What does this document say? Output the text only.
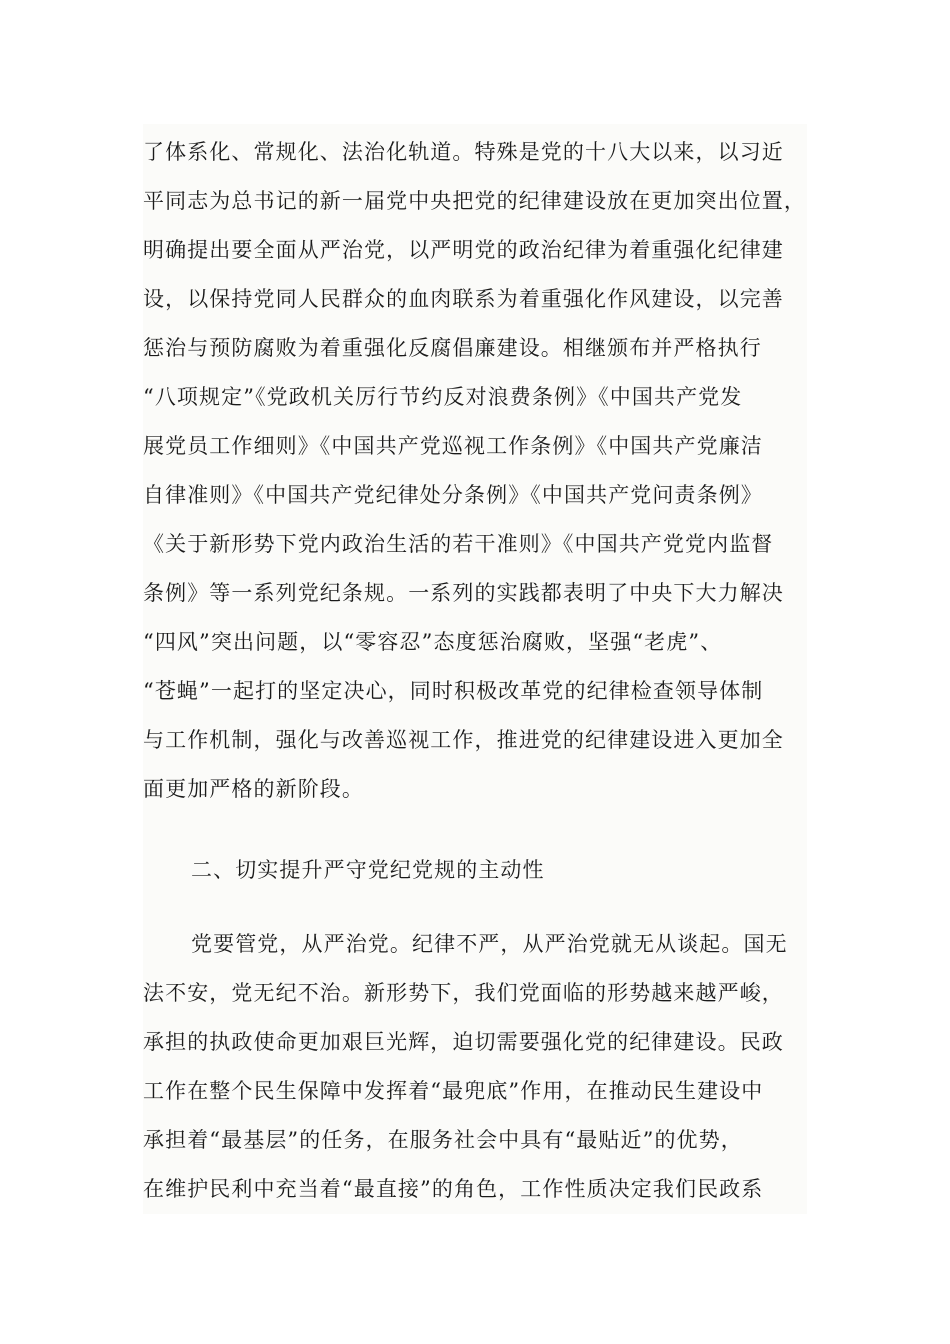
了体系化、常规化、法治化轨道。特殊是党的十八大以来，以习近
平同志为总书记的新一届党中央把党的纪律建设放在更加突出位置，
明确提出要全面从严治党，以严明党的政治纪律为着重强化纪律建
设，以保持党同人民群众的血肉联系为着重强化作风建设，以完善
惩治与预防腐败为着重强化反腐倡廉建设。相继颁布并严格执行
“八项规定”《党政机关厉行节约反对浪费条例》《中国共产党发
展党员工作细则》《中国共产党巡视工作条例》《中国共产党廉洁
自律准则》《中国共产党纪律处分条例》《中国共产党问责条例》
《关于新形势下党内政治生活的若干准则》《中国共产党党内监督
条例》等一系列党纪条规。一系列的实践都表明了中央下大力解决
“四风”突出问题，以“零容忍”态度惩治腐败，坚强“老虎”、
“苍蝇”一起打的坚定决心，同时积极改革党的纪律检查领导体制
与工作机制，强化与改善巡视工作，推进党的纪律建设进入更加全
面更加严格的新阶段。
二、切实提升严守党纪党规的主动性
党要管党，从严治党。纪律不严，从严治党就无从谈起。国无
法不安，党无纪不治。新形势下，我们党面临的形势越来越严峻，
承担的执政使命更加艰巨光辉，迫切需要强化党的纪律建设。民政
工作在整个民生保障中发挥着“最兜底”作用，在推动民生建设中
承担着“最基层”的任务，在服务社会中具有“最贴近”的优势，
在维护民利中充当着“最直接”的角色，工作性质决定我们民政系
